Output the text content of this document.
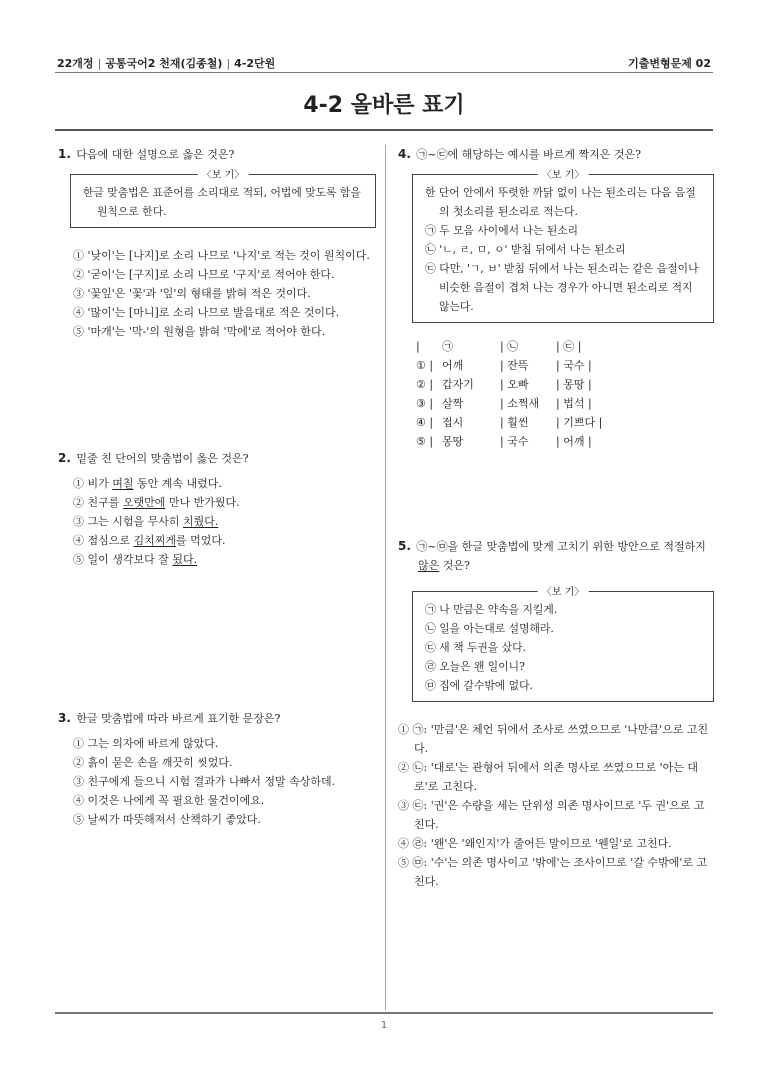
22개정 | 공통국어2 천재(김종철) | 4-2단원	기출변형문제 02
4-2 올바른 표기
1. 다음에 대한 설명으로 옳은 것은?
〈보 기〉
한글 맞춤법은 표준어를 소리대로 적되, 어법에 맞도록 함을 원칙으로 한다.
① '낮이'는 [나지]로 소리 나므로 '나지'로 적는 것이 원칙이다.
② '굳이'는 [구지]로 소리 나므로 '구지'로 적어야 한다.
③ '꽃잎'은 '꽃'과 '잎'의 형태를 밝혀 적은 것이다.
④ '많이'는 [마니]로 소리 나므로 발음대로 적은 것이다.
⑤ '마개'는 '막-'의 원형을 밝혀 '막에'로 적어야 한다.
2. 밑줄 친 단어의 맞춤법이 옳은 것은?
① 비가 며칠 동안 계속 내렸다.
② 친구를 오랫만에 만나 반가웠다.
③ 그는 시험을 무사히 치뤘다.
④ 점심으로 김치찌게를 먹었다.
⑤ 일이 생각보다 잘 됬다.
3. 한글 맞춤법에 따라 바르게 표기한 문장은?
① 그는 의자에 바르게 않았다.
② 흙이 묻은 손을 깨끗히 씻었다.
③ 친구에게 들으니 시험 결과가 나빠서 정말 속상하데.
④ 이것은 나에게 꼭 필요한 물건이에요.
⑤ 날씨가 따뜻해져서 산책하기 좋았다.
4. ㉠~㉢에 해당하는 예시를 바르게 짝지은 것은?
〈보 기〉
한 단어 안에서 뚜렷한 까닭 없이 나는 된소리는 다음 음절의 첫소리를 된소리로 적는다.
㉠ 두 모음 사이에서 나는 된소리
㉡ 'ㄴ, ㄹ, ㅁ, ㅇ' 받침 뒤에서 나는 된소리
㉢ 다만, 'ㄱ, ㅂ' 받침 뒤에서 나는 된소리는 같은 음절이나 비슷한 음절이 겹쳐 나는 경우가 아니면 된소리로 적지 않는다.
|	㉠	| ㉡	| ㉢ |
① | 어깨	| 잔뜩	| 국수 |
② | 갑자기	| 오빠	| 몽땅 |
③ | 살짝	| 소쩍새	| 법석 |
④ | 접시	| 훨씬	| 기쁘다 |
⑤ | 몽땅	| 국수	| 어깨 |
5. ㉠~㉤을 한글 맞춤법에 맞게 고치기 위한 방안으로 적절하지 않은 것은?
〈보 기〉
㉠ 나 만큼은 약속을 지킬게.
㉡ 일을 아는대로 설명해라.
㉢ 새 책 두권을 샀다.
㉣ 오늘은 왠 일이니?
㉤ 집에 갈수밖에 없다.
① ㉠: '만큼'은 체언 뒤에서 조사로 쓰였으므로 '나만큼'으로 고친다.
② ㉡: '대로'는 관형어 뒤에서 의존 명사로 쓰였으므로 '아는 대로'로 고친다.
③ ㉢: '권'은 수량을 세는 단위성 의존 명사이므로 '두 권'으로 고친다.
④ ㉣: '왠'은 '왜인지'가 줄어든 말이므로 '웬일'로 고친다.
⑤ ㉤: '수'는 의존 명사이고 '밖에'는 조사이므로 '갈 수밖에'로 고친다.
1
